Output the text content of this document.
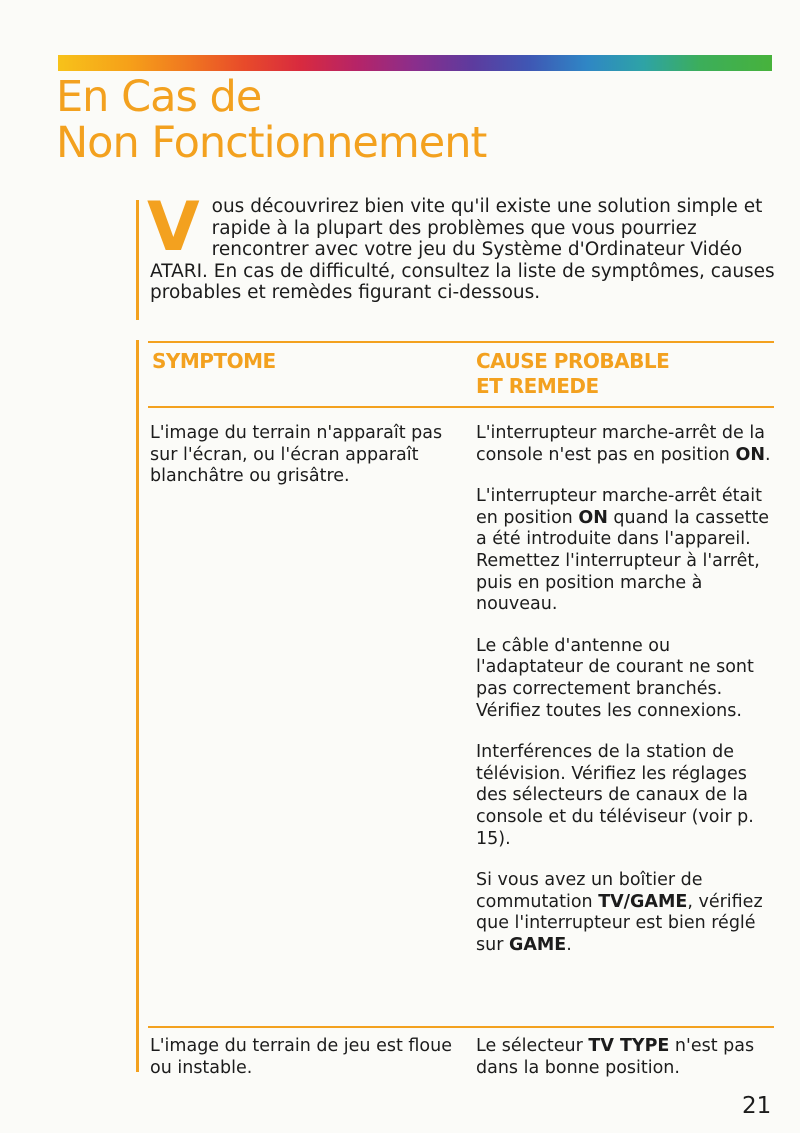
En Cas de
Non Fonctionnement

Vous découvrirez bien vite qu'il existe une solution simple et rapide à la plupart des problèmes que vous pourriez rencontrer avec votre jeu du Système d'Ordinateur Vidéo ATARI. En cas de difficulté, consultez la liste de symptômes, causes probables et remèdes figurant ci-dessous.

SYMPTOME	CAUSE PROBABLE
ET REMEDE

L'image du terrain n'apparaît pas sur l'écran, ou l'écran apparaît blanchâtre ou grisâtre.

L'interrupteur marche-arrêt de la console n'est pas en position ON.

L'interrupteur marche-arrêt était en position ON quand la cassette a été introduite dans l'appareil. Remettez l'interrupteur à l'arrêt, puis en position marche à nouveau.

Le câble d'antenne ou l'adaptateur de courant ne sont pas correctement branchés. Vérifiez toutes les connexions.

Interférences de la station de télévision. Vérifiez les réglages des sélecteurs de canaux de la console et du téléviseur (voir p. 15).

Si vous avez un boîtier de commutation TV/GAME, vérifiez que l'interrupteur est bien réglé sur GAME.

L'image du terrain de jeu est floue ou instable.

Le sélecteur TV TYPE n'est pas dans la bonne position.

21
